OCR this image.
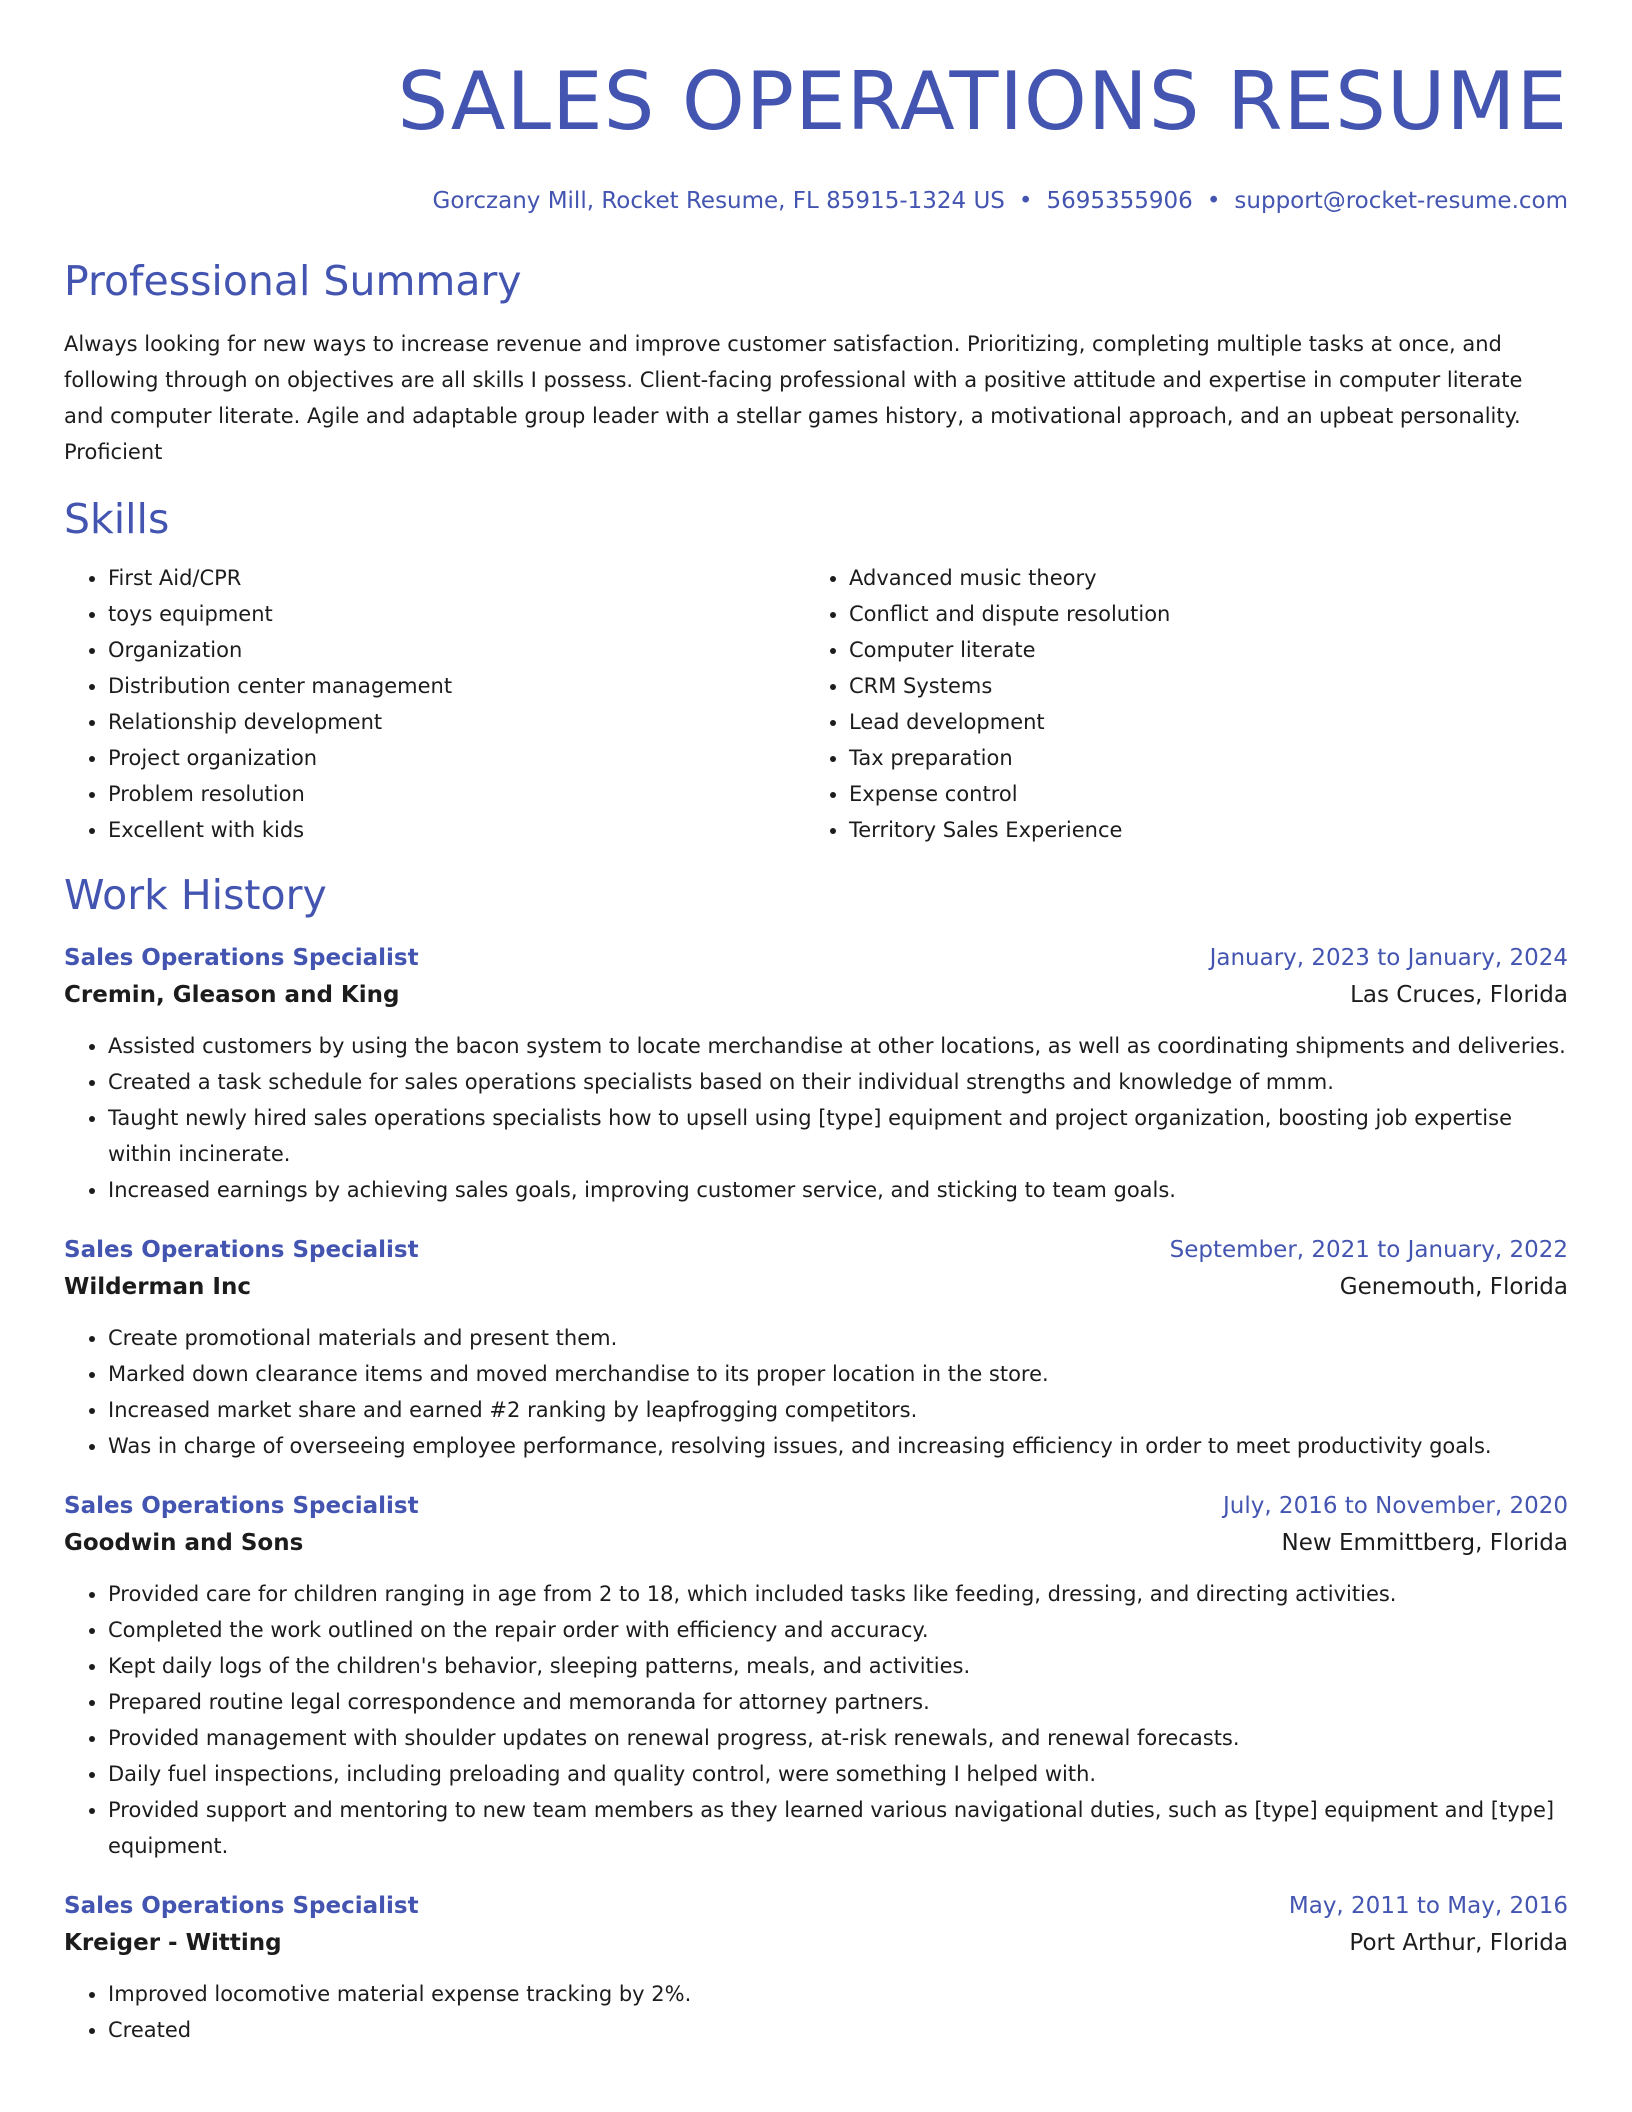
SALES OPERATIONS RESUME
Gorczany Mill, Rocket Resume, FL 85915-1324 US • 5695355906 • support@rocket-resume.com
Professional Summary
Always looking for new ways to increase revenue and improve customer satisfaction. Prioritizing, completing multiple tasks at once, and following through on objectives are all skills I possess. Client-facing professional with a positive attitude and expertise in computer literate and computer literate. Agile and adaptable group leader with a stellar games history, a motivational approach, and an upbeat personality. Proficient
Skills
• First Aid/CPR
• toys equipment
• Organization
• Distribution center management
• Relationship development
• Project organization
• Problem resolution
• Excellent with kids
• Advanced music theory
• Conflict and dispute resolution
• Computer literate
• CRM Systems
• Lead development
• Tax preparation
• Expense control
• Territory Sales Experience
Work History
Sales Operations Specialist	January, 2023 to January, 2024
Cremin, Gleason and King	Las Cruces, Florida
• Assisted customers by using the bacon system to locate merchandise at other locations, as well as coordinating shipments and deliveries.
• Created a task schedule for sales operations specialists based on their individual strengths and knowledge of mmm.
• Taught newly hired sales operations specialists how to upsell using [type] equipment and project organization, boosting job expertise within incinerate.
• Increased earnings by achieving sales goals, improving customer service, and sticking to team goals.
Sales Operations Specialist	September, 2021 to January, 2022
Wilderman Inc	Genemouth, Florida
• Create promotional materials and present them.
• Marked down clearance items and moved merchandise to its proper location in the store.
• Increased market share and earned #2 ranking by leapfrogging competitors.
• Was in charge of overseeing employee performance, resolving issues, and increasing efficiency in order to meet productivity goals.
Sales Operations Specialist	July, 2016 to November, 2020
Goodwin and Sons	New Emmittberg, Florida
• Provided care for children ranging in age from 2 to 18, which included tasks like feeding, dressing, and directing activities.
• Completed the work outlined on the repair order with efficiency and accuracy.
• Kept daily logs of the children's behavior, sleeping patterns, meals, and activities.
• Prepared routine legal correspondence and memoranda for attorney partners.
• Provided management with shoulder updates on renewal progress, at-risk renewals, and renewal forecasts.
• Daily fuel inspections, including preloading and quality control, were something I helped with.
• Provided support and mentoring to new team members as they learned various navigational duties, such as [type] equipment and [type] equipment.
Sales Operations Specialist	May, 2011 to May, 2016
Kreiger - Witting	Port Arthur, Florida
• Improved locomotive material expense tracking by 2%.
• Created
